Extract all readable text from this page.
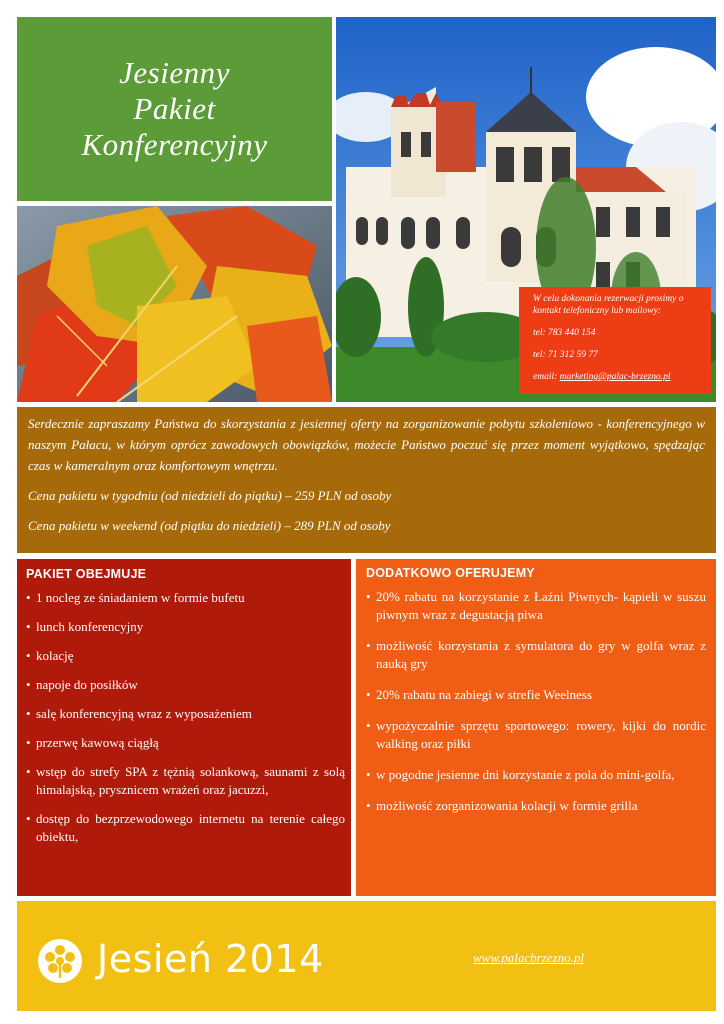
Jesienny
Pakiet
Konferencyjny

W celu dokonania rezerwacji prosimy o kontakt telefoniczny lub mailowy:

tel: 783 440 154

tel: 71 312 59 77

email: marketing@palac-brzezno.pl

Serdecznie zapraszamy Państwa do skorzystania z jesiennej oferty na zorganizowanie pobytu szkoleniowo - konferencyjnego w naszym Pałacu, w którym oprócz zawodowych obowiązków, możecie Państwo poczuć się przez moment wyjątkowo, spędzając czas w kameralnym oraz komfortowym wnętrzu.

Cena pakietu w tygodniu (od niedzieli do piątku) – 259 PLN od osoby

Cena pakietu w weekend (od piątku do niedzieli) – 289 PLN od osoby

PAKIET OBEJMUJE
• 1 nocleg ze śniadaniem w formie bufetu
• lunch konferencyjny
• kolację
• napoje do posiłków
• salę konferencyjną wraz z wyposażeniem
• przerwę kawową ciągłą
• wstęp do strefy SPA z tężnią solankową, saunami z solą himalajską, prysznicem wrażeń oraz jacuzzi,
• dostęp do bezprzewodowego internetu na terenie całego obiektu,
DODATKOWO OFERUJEMY
• 20% rabatu na korzystanie z Łaźni Piwnych- kąpieli w suszu piwnym wraz z degustacją piwa
• możliwość korzystania z symulatora do gry w golfa wraz z nauką gry
• 20% rabatu na zabiegi w strefie Weelness
• wypożyczalnie sprzętu sportowego: rowery, kijki do nordic walking oraz piłki
• w pogodne jesienne dni korzystanie z pola do mini-golfa,
• możliwość zorganizowania kolacji w formie grilla
Jesień 2014	www.palacbrzezno.pl
